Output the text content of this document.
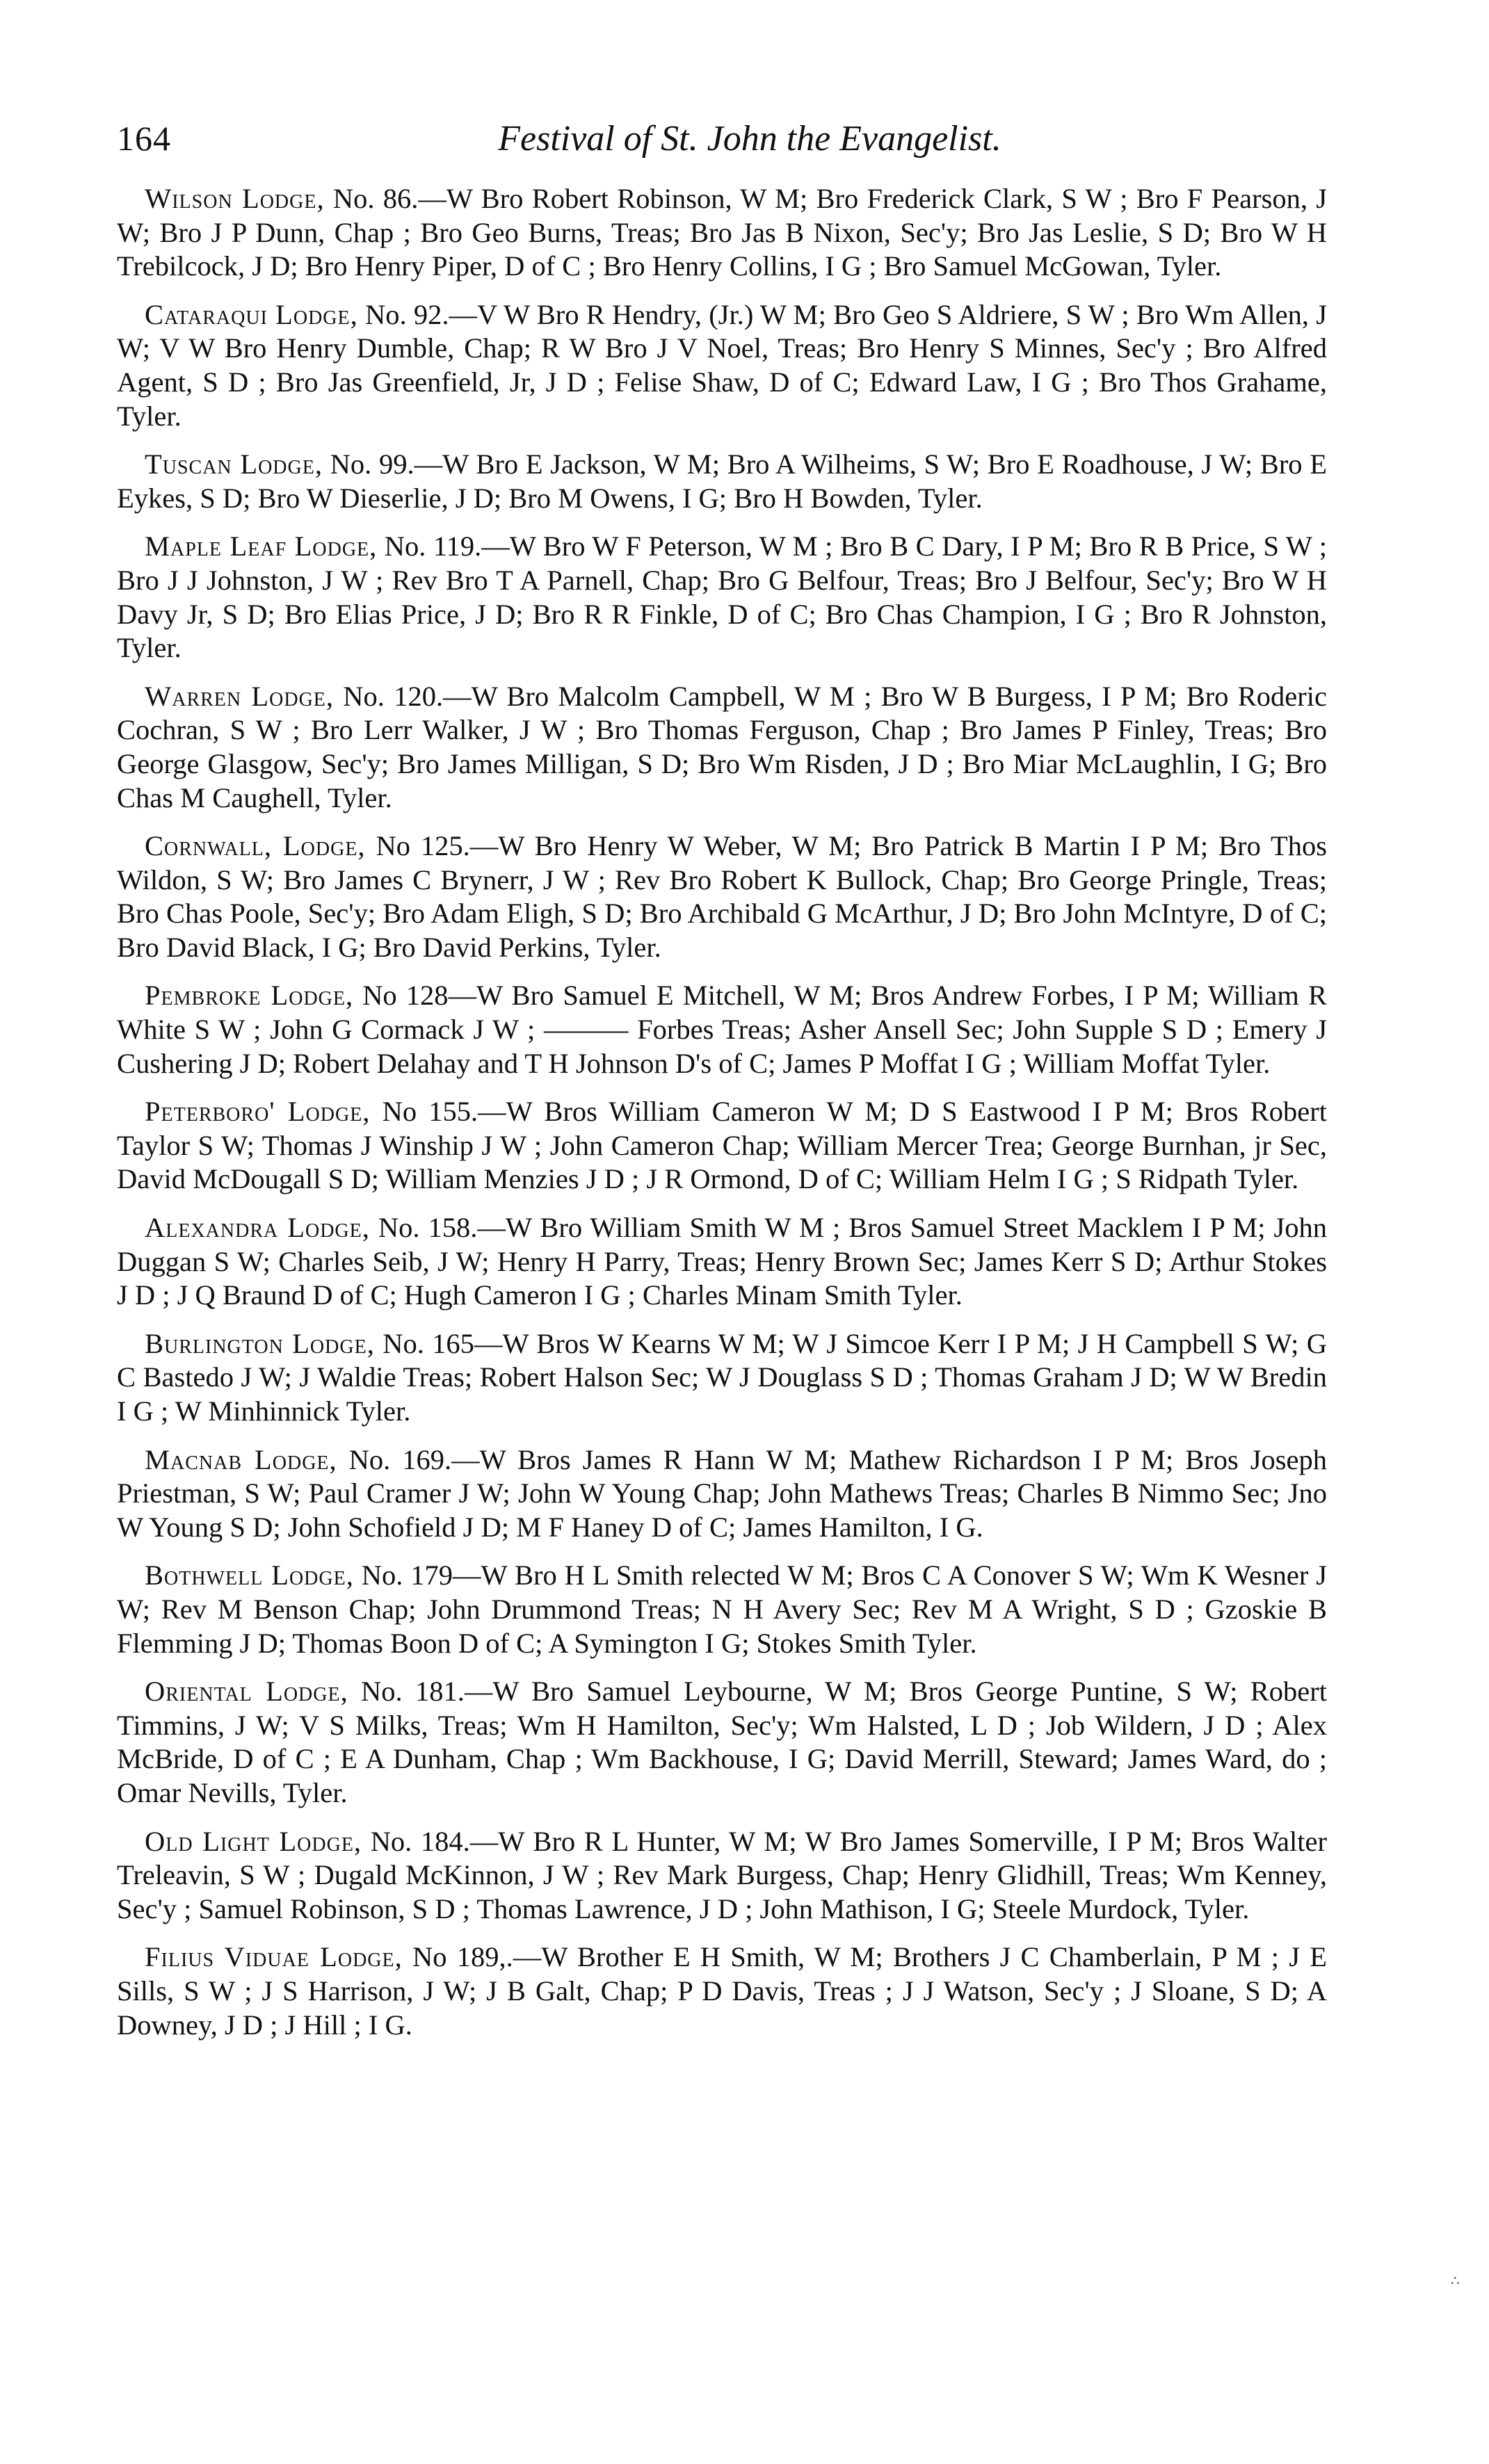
164	Festival of St. John the Evangelist.

Wilson Lodge, No. 86.—W Bro Robert Robinson, W M; Bro Frederick Clark, S W ; Bro F Pearson, J W; Bro J P Dunn, Chap ; Bro Geo Burns, Treas; Bro Jas B Nixon, Sec'y; Bro Jas Leslie, S D; Bro W H Trebilcock, J D; Bro Henry Piper, D of C ; Bro Henry Collins, I G ; Bro Samuel McGowan, Tyler.

Cataraqui Lodge, No. 92.—V W Bro R Hendry, (Jr.) W M; Bro Geo S Aldriere, S W ; Bro Wm Allen, J W; V W Bro Henry Dumble, Chap; R W Bro J V Noel, Treas; Bro Henry S Minnes, Sec'y ; Bro Alfred Agent, S D ; Bro Jas Greenfield, Jr, J D ; Felise Shaw, D of C; Edward Law, I G ; Bro Thos Grahame, Tyler.

Tuscan Lodge, No. 99.—W Bro E Jackson, W M; Bro A Wilheims, S W; Bro E Roadhouse, J W; Bro E Eykes, S D; Bro W Dieserlie, J D; Bro M Owens, I G; Bro H Bowden, Tyler.

Maple Leaf Lodge, No. 119.—W Bro W F Peterson, W M ; Bro B C Dary, I P M; Bro R B Price, S W ; Bro J J Johnston, J W ; Rev Bro T A Parnell, Chap; Bro G Belfour, Treas; Bro J Belfour, Sec'y; Bro W H Davy Jr, S D; Bro Elias Price, J D; Bro R R Finkle, D of C; Bro Chas Champion, I G ; Bro R Johnston, Tyler.

Warren Lodge, No. 120.—W Bro Malcolm Campbell, W M ; Bro W B Burgess, I P M; Bro Roderic Cochran, S W ; Bro Lerr Walker, J W ; Bro Thomas Ferguson, Chap ; Bro James P Finley, Treas; Bro George Glasgow, Sec'y; Bro James Milligan, S D; Bro Wm Risden, J D ; Bro Miar McLaughlin, I G; Bro Chas M Caughell, Tyler.

Cornwall, Lodge, No 125.—W Bro Henry W Weber, W M; Bro Patrick B Martin I P M; Bro Thos Wildon, S W; Bro James C Brynerr, J W ; Rev Bro Robert K Bullock, Chap; Bro George Pringle, Treas; Bro Chas Poole, Sec'y; Bro Adam Eligh, S D; Bro Archibald G McArthur, J D; Bro John McIntyre, D of C; Bro David Black, I G; Bro David Perkins, Tyler.

Pembroke Lodge, No 128—W Bro Samuel E Mitchell, W M; Bros Andrew Forbes, I P M; William R White S W ; John G Cormack J W ; ——— Forbes Treas; Asher Ansell Sec; John Supple S D ; Emery J Cushering J D; Robert Delahay and T H Johnson D's of C; James P Moffat I G ; William Moffat Tyler.

Peterboro' Lodge, No 155.—W Bros William Cameron W M; D S Eastwood I P M; Bros Robert Taylor S W; Thomas J Winship J W ; John Cameron Chap; William Mercer Trea; George Burnhan, jr Sec, David McDougall S D; William Menzies J D ; J R Ormond, D of C; William Helm I G ; S Ridpath Tyler.

Alexandra Lodge, No. 158.—W Bro William Smith W M ; Bros Samuel Street Macklem I P M; John Duggan S W; Charles Seib, J W; Henry H Parry, Treas; Henry Brown Sec; James Kerr S D; Arthur Stokes J D ; J Q Braund D of C; Hugh Cameron I G ; Charles Minam Smith Tyler.

Burlington Lodge, No. 165—W Bros W Kearns W M; W J Simcoe Kerr I P M; J H Campbell S W; G C Bastedo J W; J Waldie Treas; Robert Halson Sec; W J Douglass S D ; Thomas Graham J D; W W Bredin I G ; W Minhinnick Tyler.

Macnab Lodge, No. 169.—W Bros James R Hann W M; Mathew Richardson I P M; Bros Joseph Priestman, S W; Paul Cramer J W; John W Young Chap; John Mathews Treas; Charles B Nimmo Sec; Jno W Young S D; John Schofield J D; M F Haney D of C; James Hamilton, I G.

Bothwell Lodge, No. 179—W Bro H L Smith relected W M; Bros C A Conover S W; Wm K Wesner J W; Rev M Benson Chap; John Drummond Treas; N H Avery Sec; Rev M A Wright, S D ; Gzoskie B Flemming J D; Thomas Boon D of C; A Symington I G; Stokes Smith Tyler.

Oriental Lodge, No. 181.—W Bro Samuel Leybourne, W M; Bros George Puntine, S W; Robert Timmins, J W; V S Milks, Treas; Wm H Hamilton, Sec'y; Wm Halsted, L D ; Job Wildern, J D ; Alex McBride, D of C ; E A Dunham, Chap ; Wm Backhouse, I G; David Merrill, Steward; James Ward, do ; Omar Nevills, Tyler.

Old Light Lodge, No. 184.—W Bro R L Hunter, W M; W Bro James Somerville, I P M; Bros Walter Treleavin, S W ; Dugald McKinnon, J W ; Rev Mark Burgess, Chap; Henry Glidhill, Treas; Wm Kenney, Sec'y ; Samuel Robinson, S D ; Thomas Lawrence, J D ; John Mathison, I G; Steele Murdock, Tyler.

Filius Viduae Lodge, No 189,.—W Brother E H Smith, W M; Brothers J C Chamberlain, P M ; J E Sills, S W ; J S Harrison, J W; J B Galt, Chap; P D Davis, Treas ; J J Watson, Sec'y ; J Sloane, S D; A Downey, J D ; J Hill ; I G.

∴
